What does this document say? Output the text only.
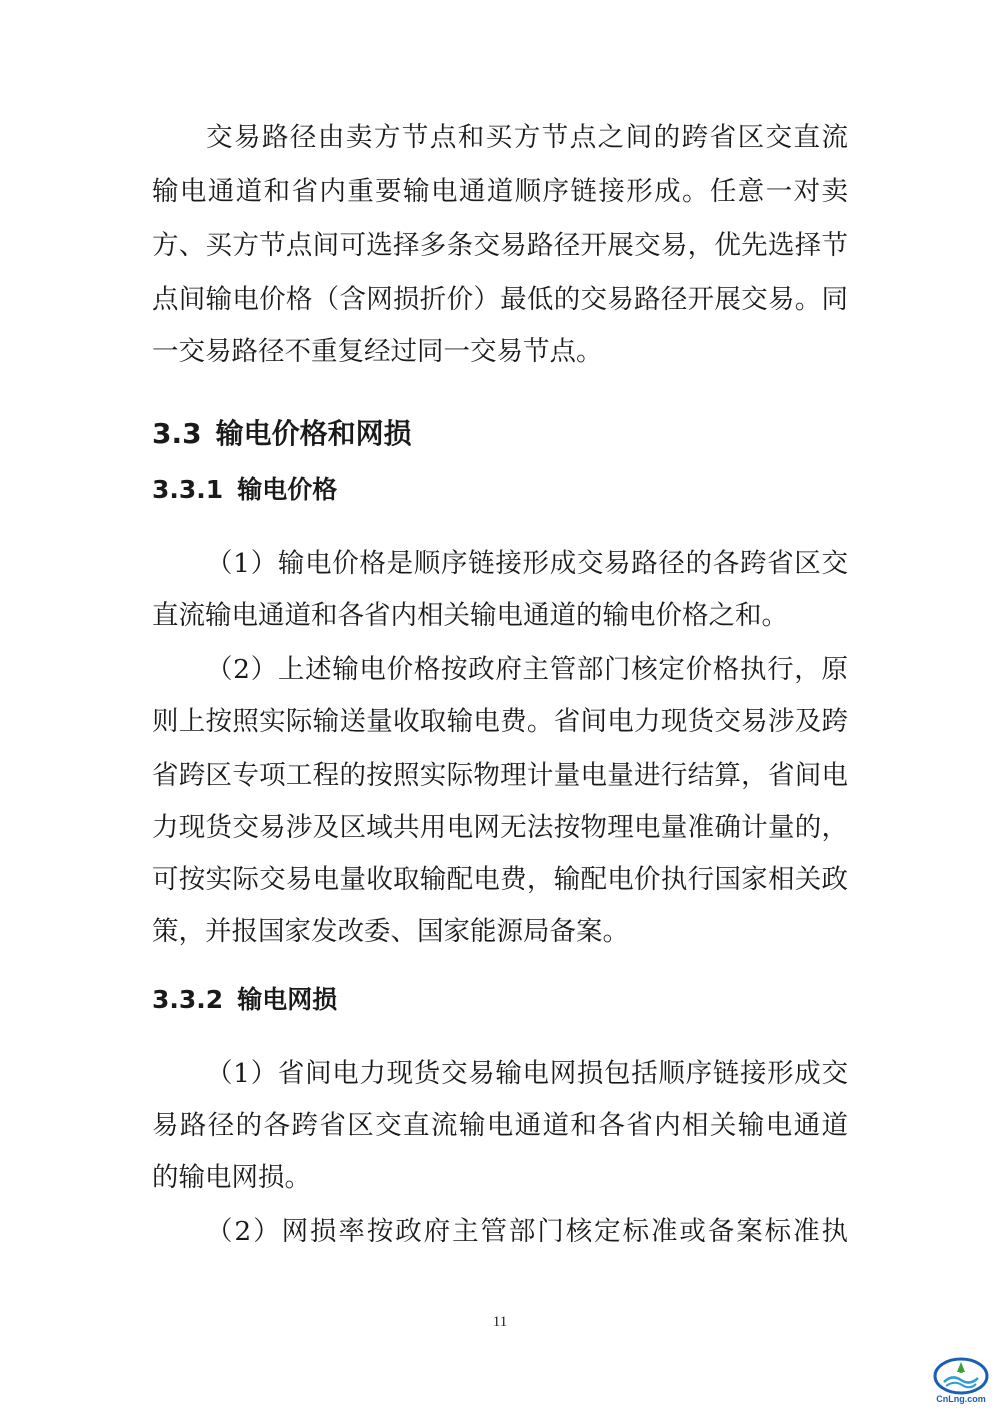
交易路径由卖方节点和买方节点之间的跨省区交直流
输电通道和省内重要输电通道顺序链接形成。任意一对卖
方、买方节点间可选择多条交易路径开展交易，优先选择节
点间输电价格（含网损折价）最低的交易路径开展交易。同
一交易路径不重复经过同一交易节点。
3.3 输电价格和网损
3.3.1 输电价格
（1）输电价格是顺序链接形成交易路径的各跨省区交
直流输电通道和各省内相关输电通道的输电价格之和。
（2）上述输电价格按政府主管部门核定价格执行，原
则上按照实际输送量收取输电费。省间电力现货交易涉及跨
省跨区专项工程的按照实际物理计量电量进行结算，省间电
力现货交易涉及区域共用电网无法按物理电量准确计量的，
可按实际交易电量收取输配电费，输配电价执行国家相关政
策，并报国家发改委、国家能源局备案。
3.3.2 输电网损
（1）省间电力现货交易输电网损包括顺序链接形成交
易路径的各跨省区交直流输电通道和各省内相关输电通道
的输电网损。
（2）网损率按政府主管部门核定标准或备案标准执
11
CnLng.com
